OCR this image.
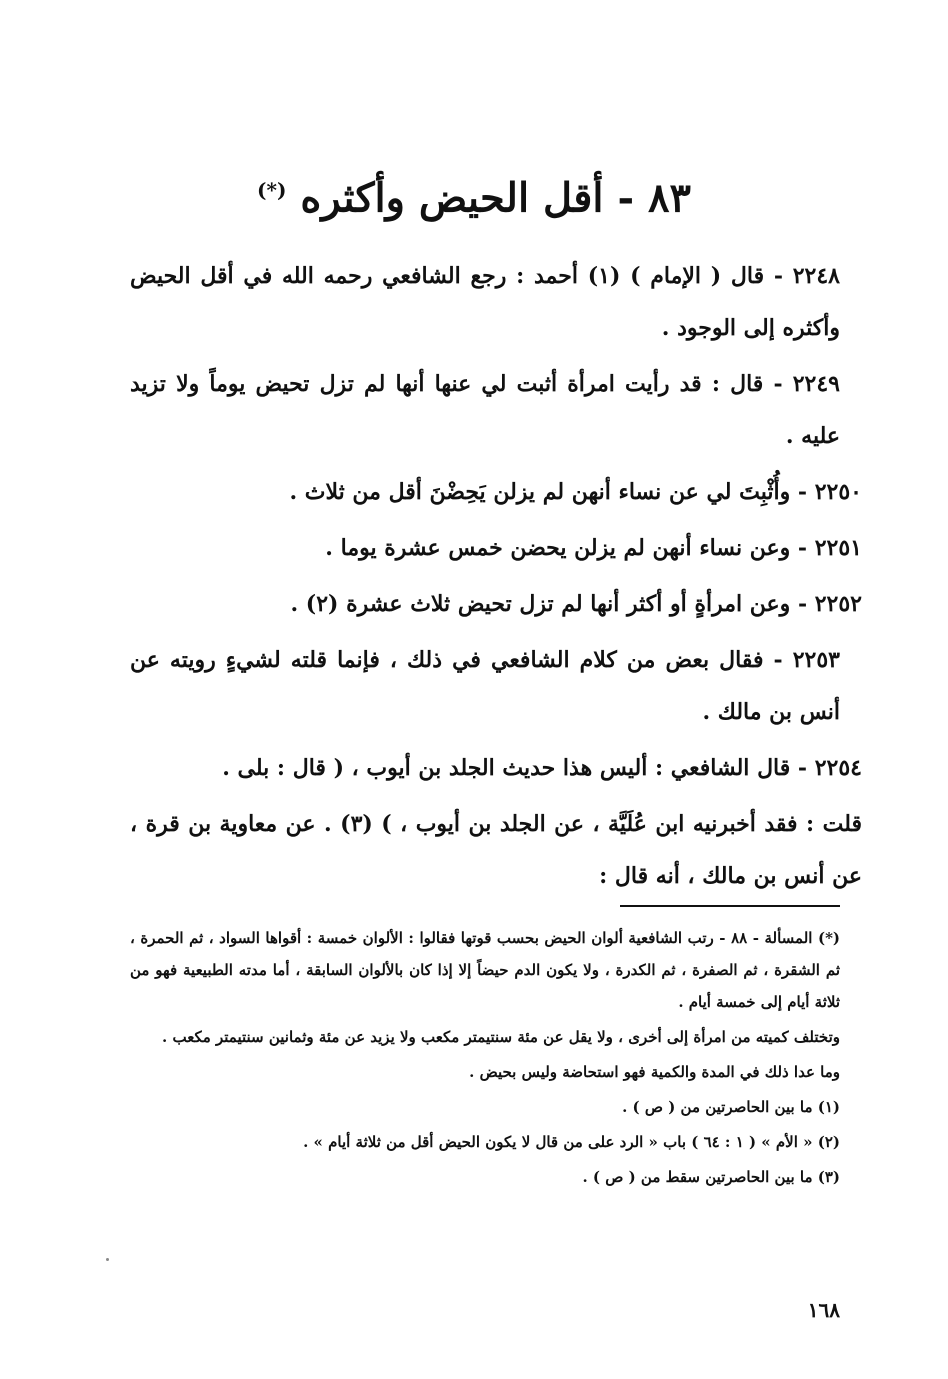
٨٣ - أقل الحيض وأكثره (*)

٢٢٤٨ - قال ( الإمام ) (١) أحمد : رجع الشافعي رحمه الله في أقل الحيض وأكثره إلى الوجود .

٢٢٤٩ - قال : قد رأيت امرأة أثبت لي عنها أنها لم تزل تحيض يوماً ولا تزيد عليه .

٢٢٥٠ - وأُثْبِتَ لي عن نساء أنهن لم يزلن يَحِضْنَ أقل من ثلاث .

٢٢٥١ - وعن نساء أنهن لم يزلن يحضن خمس عشرة يوما .

٢٢٥٢ - وعن امرأةٍ أو أكثر أنها لم تزل تحيض ثلاث عشرة (٢) .

٢٢٥٣ - فقال بعض من كلام الشافعي في ذلك ، فإنما قلته لشيءٍ رويته عن أنس بن مالك .

٢٢٥٤ - قال الشافعي : أليس هذا حديث الجلد بن أيوب ، ( قال : بلى .

قلت : فقد أخبرنيه ابن عُلَيَّة ، عن الجلد بن أيوب ، ) (٣) . عن معاوية بن قرة ، عن أنس بن مالك ، أنه قال :

(*) المسألة - ٨٨ - رتب الشافعية ألوان الحيض بحسب قوتها فقالوا : الألوان خمسة : أقواها السواد ، ثم الحمرة ، ثم الشقرة ، ثم الصفرة ، ثم الكدرة ، ولا يكون الدم حيضاً إلا إذا كان بالألوان السابقة ، أما مدته الطبيعية فهو من ثلاثة أيام إلى خمسة أيام .

وتختلف كميته من امرأة إلى أخرى ، ولا يقل عن مئة سنتيمتر مكعب ولا يزيد عن مئة وثمانين سنتيمتر مكعب .

وما عدا ذلك في المدة والكمية فهو استحاضة وليس بحيض .

(١) ما بين الحاصرتين من ( ص ) .

(٢) « الأم » ( ١ : ٦٤ ) باب « الرد على من قال لا يكون الحيض أقل من ثلاثة أيام » .

(٣) ما بين الحاصرتين سقط من ( ص ) .

١٦٨
